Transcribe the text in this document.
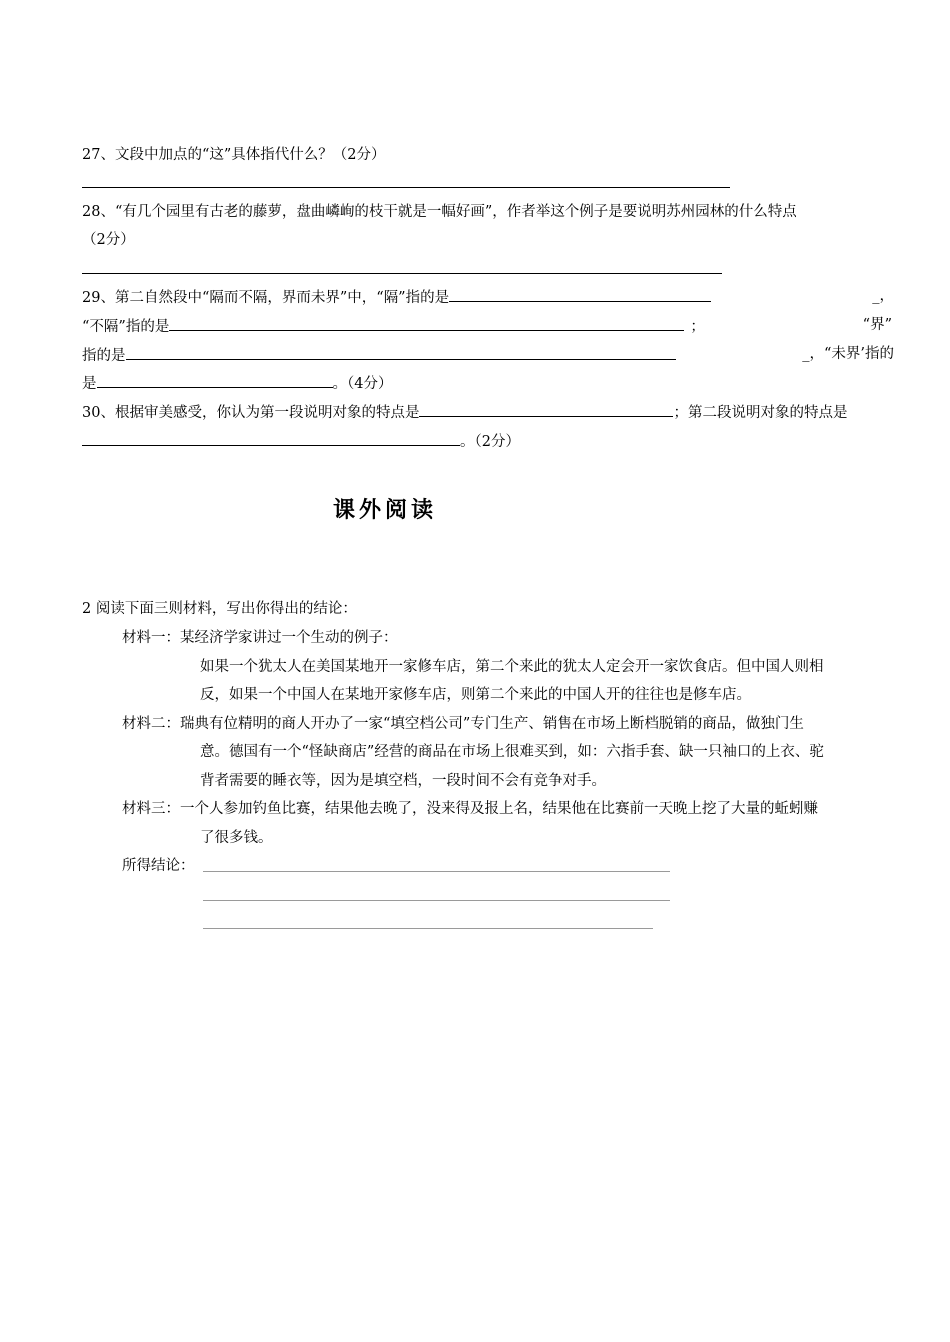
27、文段中加点的“这”具体指代什么？（2分）
28、“有几个园里有古老的藤萝，盘曲嶙峋的枝干就是一幅好画”，作者举这个例子是要说明苏州园林的什么特点
（2分）
29、第二自然段中“隔而不隔，界而未界”中，“隔”指的是	_，
“不隔”指的是	；	“界”
指的是	_，“未界’指的
是	。（4分）
30、根据审美感受，你认为第一段说明对象的特点是	；第二段说明对象的特点是
。（2分）
课外阅读
2 阅读下面三则材料，写出你得出的结论：
材料一：某经济学家讲过一个生动的例子：
如果一个犹太人在美国某地开一家修车店，第二个来此的犹太人定会开一家饮食店。但中国人则相
反，如果一个中国人在某地开家修车店，则第二个来此的中国人开的往往也是修车店。
材料二：瑞典有位精明的商人开办了一家“填空档公司”专门生产、销售在市场上断档脱销的商品，做独门生
意。德国有一个“怪缺商店”经营的商品在市场上很难买到，如：六指手套、缺一只袖口的上衣、驼
背者需要的睡衣等，因为是填空档，一段时间不会有竞争对手。
材料三：一个人参加钓鱼比赛，结果他去晚了，没来得及报上名，结果他在比赛前一天晚上挖了大量的蚯蚓赚
了很多钱。
所得结论：
